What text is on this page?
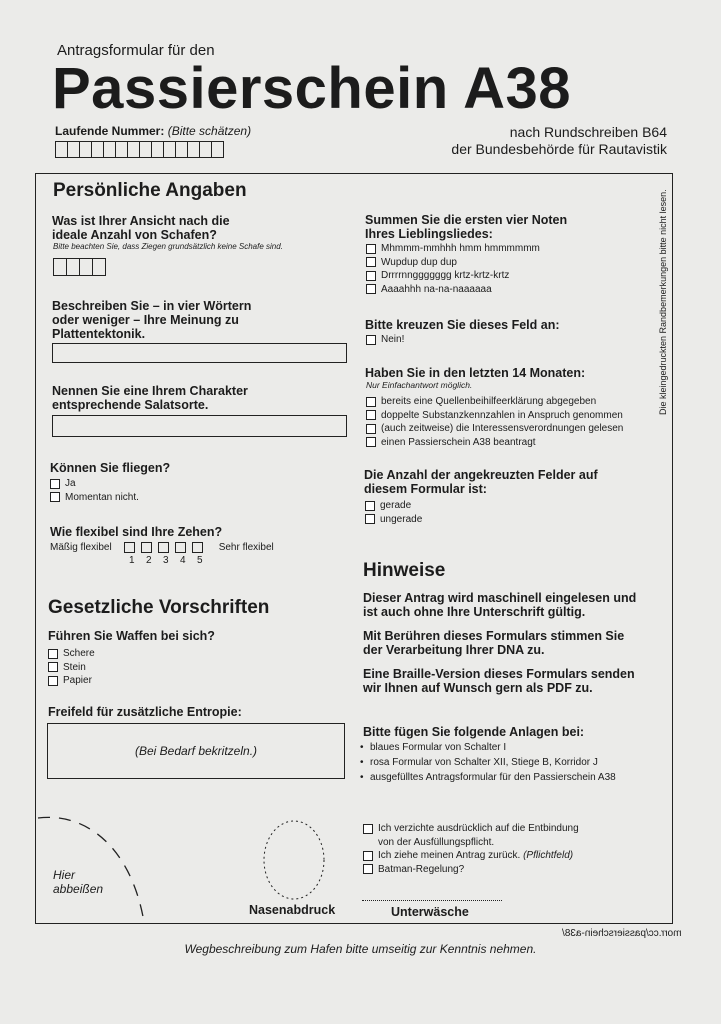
Antragsformular für den
Passierschein A38
Laufende Nummer: (Bitte schätzen)	nach Rundschreiben B64
der Bundesbehörde für Rautavistik
Persönliche Angaben
Was ist Ihrer Ansicht nach die ideale Anzahl von Schafen?
Bitte beachten Sie, dass Ziegen grundsätzlich keine Schafe sind.
Beschreiben Sie – in vier Wörtern oder weniger – Ihre Meinung zu Plattentektonik.
Nennen Sie eine Ihrem Charakter entsprechende Salatsorte.
Können Sie fliegen?
Ja
Momentan nicht.
Wie flexibel sind Ihre Zehen?
Mäßig flexibel	Sehr flexibel
1	2	3	4	5
Gesetzliche Vorschriften
Führen Sie Waffen bei sich?
Schere
Stein
Papier
Freifeld für zusätzliche Entropie:
(Bei Bedarf bekritzeln.)
Hier
abbeißen
Nasenabdruck
Summen Sie die ersten vier Noten Ihres Lieblingsliedes:
Mhmmm-mmhhh hmm hmmmmmm
Wupdup dup dup
Drrrrnnggggggg krtz-krtz-krtz
Aaaahhh na-na-naaaaaa
Bitte kreuzen Sie dieses Feld an:
Nein!
Haben Sie in den letzten 14 Monaten:
Nur Einfachantwort möglich.
bereits eine Quellenbeihilfeerklärung abgegeben
doppelte Substanzkennzahlen in Anspruch genommen
(auch zeitweise) die Interessensverordnungen gelesen
einen Passierschein A38 beantragt
Die Anzahl der angekreuzten Felder auf diesem Formular ist:
gerade
ungerade
Hinweise
Dieser Antrag wird maschinell eingelesen und ist auch ohne Ihre Unterschrift gültig.
Mit Berühren dieses Formulars stimmen Sie der Verarbeitung Ihrer DNA zu.
Eine Braille-Version dieses Formulars senden wir Ihnen auf Wunsch gern als PDF zu.
Bitte fügen Sie folgende Anlagen bei:
• blaues Formular von Schalter I
• rosa Formular von Schalter XII, Stiege B, Korridor J
• ausgefülltes Antragsformular für den Passierschein A38
Ich verzichte ausdrücklich auf die Entbindung
von der Ausfüllungspflicht.
Ich ziehe meinen Antrag zurück.
(Pflichtfeld)
Batman-Regelung?
Unterwäsche
Die kleingedruckten Randbemerkungen bitte nicht lesen.
morr.cc/passierschein-a38/
Wegbeschreibung zum Hafen bitte umseitig zur Kenntnis nehmen.
